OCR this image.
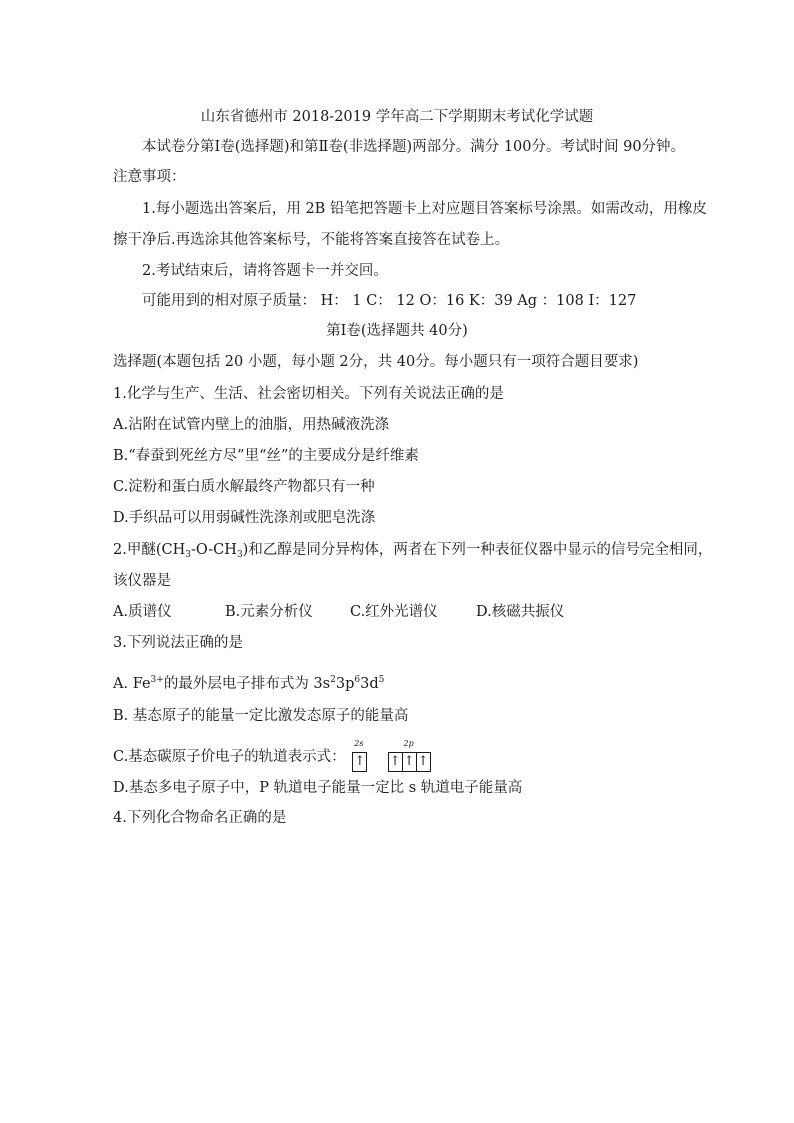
山东省德州市 2018-2019 学年高二下学期期末考试化学试题
本试卷分第Ⅰ卷(选择题)和第Ⅱ卷(非选择题)两部分。满分 100分。考试时间 90分钟。
注意事项：
1.每小题选出答案后，用 2B 铅笔把答题卡上对应题目答案标号涂黑。如需改动，用橡皮
擦干净后.再选涂其他答案标号，不能将答案直接答在试卷上。
2.考试结束后，请将答题卡一并交回。
可能用到的相对原子质量： H： 1 C： 12 O：16 K：39 Ag ：108 I：127
第Ⅰ卷(选择题共 40分)
选择题(本题包括 20 小题，每小题 2分，共 40分。每小题只有一项符合题目要求)
1.化学与生产、生活、社会密切相关。下列有关说法正确的是
A.沾附在试管内壁上的油脂，用热碱液洗涤
B.“春蚕到死丝方尽”里“丝”的主要成分是纤维素
C.淀粉和蛋白质水解最终产物都只有一种
D.手织品可以用弱碱性洗涤剂或肥皂洗涤
2.甲醚$(CH_3-O-CH_3)$和乙醇是同分异构体，两者在下列一种表征仪器中显示的信号完全相同，
该仪器是
A.质谱仪	B.元素分析仪	C.红外光谱仪	D.核磁共振仪
3.下列说法正确的是
A. $Fe^{3+}$的最外层电子排布式为 $3s^23p^63d^5$
B. 基态原子的能量一定比激发态原子的能量高
C.基态碳原子价电子的轨道表示式：
2s
↑
2p
↑ ↑ ↑
D.基态多电子原子中，P 轨道电子能量一定比 s 轨道电子能量高
4.下列化合物命名正确的是
